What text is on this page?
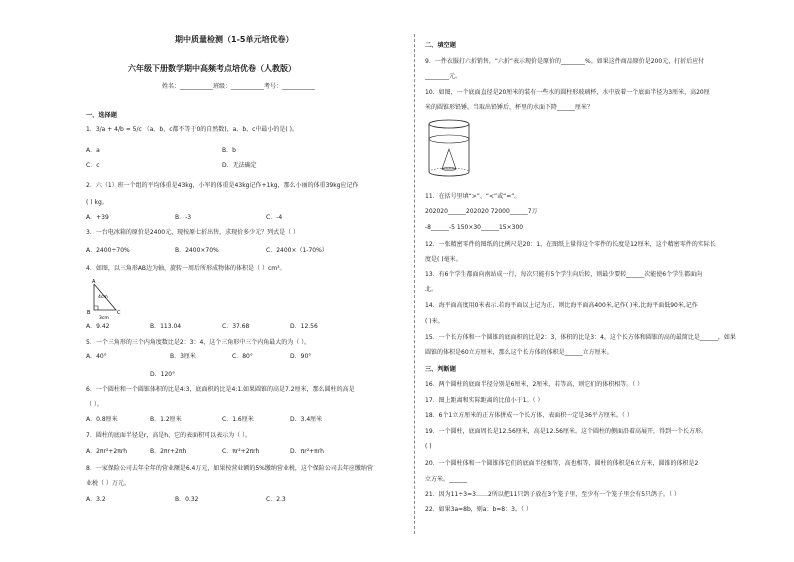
期中质量检测（1-5单元培优卷）
六年级下册数学期中高频考点培优卷（人教版）
姓名：___________班级：___________考号：___________
一、选择题
1．3/a + 4/b = 5/c （a、b、c都不等于0的自然数)，a、b、c中最小的是( )。
A．a	B．b
C．c	D．无法确定
2．六（1）班一个组的平均体重是43kg，小军的体重是43kg记作+1kg，那么小丽的体重39kg应记作
( ) kg。
A．+39	B．-3	C．-4
3．一台电冰箱的原价是2400元，现按原七折出售，求现价多少元？列式是（ ）
A．2400÷70%	B．2400×70%	C．2400×（1-70%）
4．如图，以三角形AB边为轴，旋转一周后所形成物体的体积是（ ）cm³。
A
4cm
B	C
3cm
A．9.42	B．113.04	C．37.68	D．12.56
5．一个三角形的三个内角度数比是2：3：4，这个三角形中三个内角最大的为（ ）。
A．40°	B．3厘米	C．80°	D．90°
D．120°
6．一个圆柱和一个圆锥体积的比是4:3，底面积的比是4:1.如果圆锥的高是7.2厘米，那么圆柱的高是
（ ）。
A．0.8厘米	B．1.2厘米	C．1.6厘米	D．3.4厘米
7．圆柱的底面半径是r，高是h，它的表面积可以表示为（ ）。
A．2πr²+2πrh	B．2πr+2πh	C．πr²+2πrh	D．πr²+πrh
8．一家保险公司去年全年的营业额是6.4万元，如果按营业额的5%缴纳营业税，这个保险公司去年应缴纳营
业税（ ）万元。
A．3.2	B．0.32	C．2.3
二、填空题
9．一件衣服打六折销售，“六折”表示现价是原价的________%。如果这件商品原价是200元，打折后应付
________元。
10．如图，一个底面直径是20厘米的装有一些水的圆柱形玻璃杯，水中放着一个底面半径为3厘米，高20厘
米的圆锥形铅锤。当取出铅锤后，杯里的水面下降______厘米？
11．在括号里填“>”、“<”或“=”。
202020______202020 72000______7万
-8______-5 150×30______15×300
12．一张精密零件的图纸的比例尺是20：1，在图纸上量得这个零件的长度是12厘米，这个精密零件的实际长
度是( )毫米。
13．有6个学生都面向南站成一行，每次只能有5个学生向后转，则最少要转______次能使6个学生都面向
北。
14．海平面高度用0米表示.若海平面以上记为正，则比海平面高400米,记作( )米,比海平面低90米,记作
( )米。
15．一个长方体和一个圆锥的底面积的比是2：3，体积的比是3：4。这个长方体和圆锥的高的最简比是______，如果
圆锥的体积是60立方厘米，那么这个长方体的体积是______立方厘米。
三、判断题
16．两个圆柱的底面半径分别是6厘米，2厘米，若等高，则它们的体积相等。（ ）
17．图上距离和实际距离的比值小于1。（ ）
18．6个1立方厘米的正方体拼成一个长方体，表面积一定是36平方厘米。（ ）
19．一个圆柱，底面周长是12.56厘米，高是12.56厘米。这个圆柱的侧面沿着高展开，得到一个长方形。
( )
20．一个圆柱体和一个圆锥体它们的底面半径相等，高也相等，圆柱的体积是6立方米，圆锥的体积是2
立方米。______
21．因为11÷3=3……2所以把11只鸽子放在3个笼子里，至少有一个笼子里会有5只鸽子。（ ）
22．如果3a=8b，则a：b=8：3。（ ）
